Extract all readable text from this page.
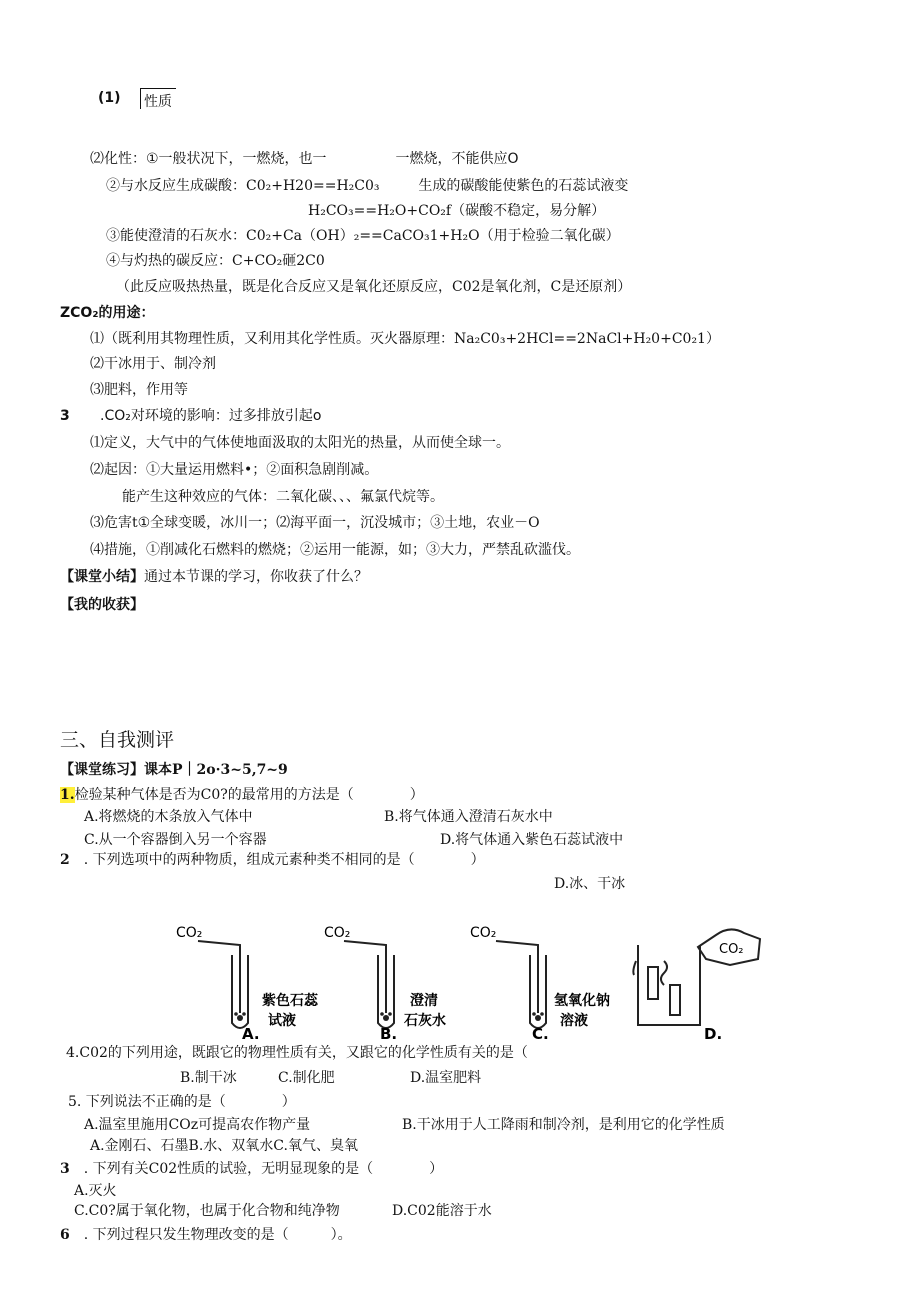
(1) 性质
⑵化性：①一般状况下，一燃烧，也一	一燃烧，不能供应O
②与水反应生成碳酸：C0₂+H20==H₂C0₃	生成的碳酸能使紫色的石蕊试液变
H₂CO₃==H₂O+CO₂f（碳酸不稳定，易分解）
③能使澄清的石灰水：C0₂+Ca（OH）₂==CaCO₃1+H₂O（用于检验二氧化碳）
④与灼热的碳反应：C+CO₂砸2C0
（此反应吸热热量，既是化合反应又是氧化还原反应，C02是氧化剂，C是还原剂）
ZCO₂的用途：
⑴（既利用其物理性质，又利用其化学性质。灭火器原理：Na₂C0₃+2HCl==2NaCl+H₂0+C0₂1）
⑵干冰用于、制冷剂
⑶肥料，作用等
3 .CO₂对环境的影响：过多排放引起o
⑴定义，大气中的气体使地面汲取的太阳光的热量，从而使全球一。
⑵起因：①大量运用燃料•；②面积急剧削减。
能产生这种效应的气体：二氧化碳、、、氟氯代烷等。
⑶危害t①全球变暖，冰川一；⑵海平面一，沉没城市；③土地，农业－O
⑷措施，①削减化石燃料的燃烧；②运用一能源，如；③大力，严禁乱砍滥伐。
【课堂小结】通过本节课的学习，你收获了什么？
【我的收获】
三、自我测评
【课堂练习】课本P｜2o·3~5,7~9
1.检验某种气体是否为C0?的最常用的方法是（　　　　）
A.将燃烧的木条放入气体中	B.将气体通入澄清石灰水中
C.从一个容器倒入另一个容器	D.将气体通入紫色石蕊试液中
2 . 下列选项中的两种物质，组成元素种类不相同的是（　　　　）
D.冰、干冰
CO₂	CO₂	CO₂
CO₂
紫色石蕊
试液
澄清
石灰水
氢氧化钠
溶液
A.	B.	C.	D.
4.C02的下列用途，既跟它的物理性质有关，又跟它的化学性质有关的是（
B.制干冰	C.制化肥	D.温室肥料
5. 下列说法不正确的是（　　　　）
A.温室里施用COz可提高农作物产量	B.干冰用于人工降雨和制冷剂，是利用它的化学性质
A.金刚石、石墨B.水、双氧水C.氧气、臭氧
3 . 下列有关C02性质的试验，无明显现象的是（　　　　）
A.灭火
C.C0?属于氧化物，也属于化合物和纯净物	D.C02能溶于水
6 . 下列过程只发生物理改变的是（　　　）。
